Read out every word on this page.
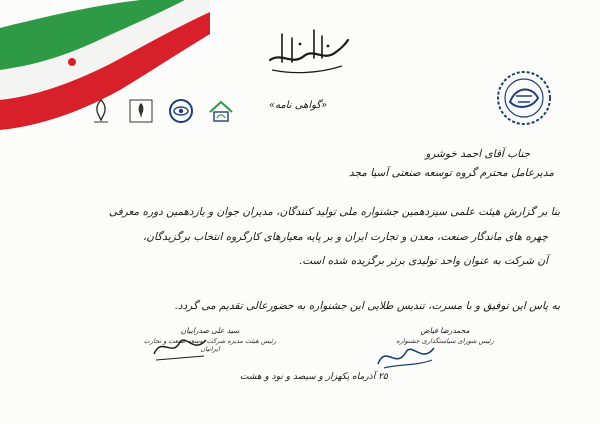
«گواهی نامه»
جناب آقای احمد خوشرو
مدیرعامل محترم گروه توسعه صنعتی آسیا مجد
بنا بر گزارش هیئت علمی سیزدهمین جشنواره ملی تولید کنندگان، مدیران جوان و یازدهمین دوره معرفی
چهره های ماندگار صنعت، معدن و تجارت ایران و بر پایه معیارهای کارگروه انتخاب برگزیدگان،
آن شرکت به عنوان واحد تولیدی برتر برگزیده شده است.
به پاس این توفیق و با مسرت، تندیس طلایی این جشنواره به حضورعالی تقدیم می گردد.
محمدرضا فیاض
رئیس شورای سیاستگذاری جشنواره
سید علی صدراییان
رئیس هیئت مدیره شرکت توسعه صنعت و تجارت ایرانیان
۲۵ آذرماه یکهزار و سیصد و نود و هشت
